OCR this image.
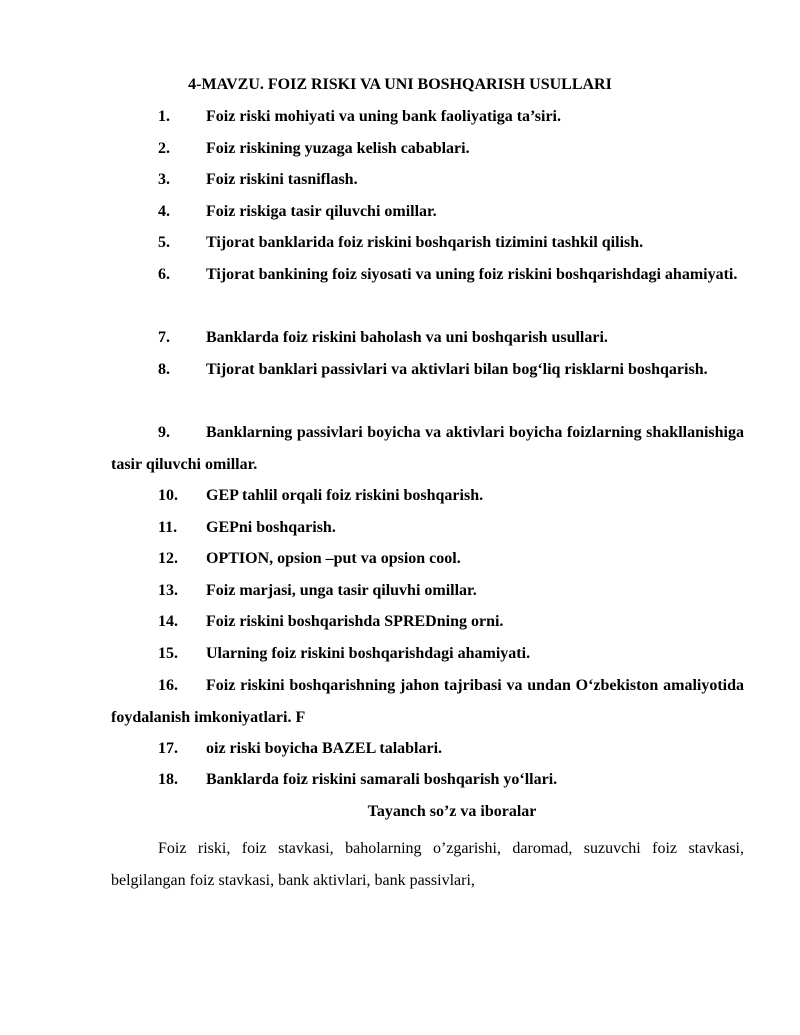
4-MAVZU. FOIZ RISKI VA UNI BOSHQARISH USULLARI
1. Foiz riski mohiyati va uning bank faoliyatiga ta’siri.
2. Foiz riskining yuzaga kelish cabablari.
3. Foiz riskini tasniflash.
4. Foiz riskiga tasir qiluvchi omillar.
5. Tijorat banklarida foiz riskini boshqarish tizimini tashkil qilish.
6. Tijorat bankining foiz siyosati va uning foiz riskini boshqarishdagi ahamiyati.
7. Banklarda foiz riskini baholash va uni boshqarish usullari.
8. Tijorat banklari passivlari va aktivlari bilan bog‘liq risklarni boshqarish.
9. Banklarning passivlari boyicha va aktivlari boyicha foizlarning shakllanishiga tasir qiluvchi omillar.
10. GEP tahlil orqali foiz riskini boshqarish.
11. GEPni boshqarish.
12. OPTION, opsion –put va opsion cool.
13. Foiz marjasi, unga tasir qiluvhi omillar.
14. Foiz riskini boshqarishda SPREDning orni.
15. Ularning foiz riskini boshqarishdagi ahamiyati.
16. Foiz riskini boshqarishning jahon tajribasi va undan O‘zbekiston amaliyotida foydalanish imkoniyatlari. F
17. oiz riski boyicha BAZEL talablari.
18. Banklarda foiz riskini samarali boshqarish yo‘llari.
Tayanch so’z va iboralar
Foiz riski, foiz stavkasi, baholarning o’zgarishi, daromad, suzuvchi foiz stavkasi, belgilangan foiz stavkasi, bank aktivlari, bank passivlari,
